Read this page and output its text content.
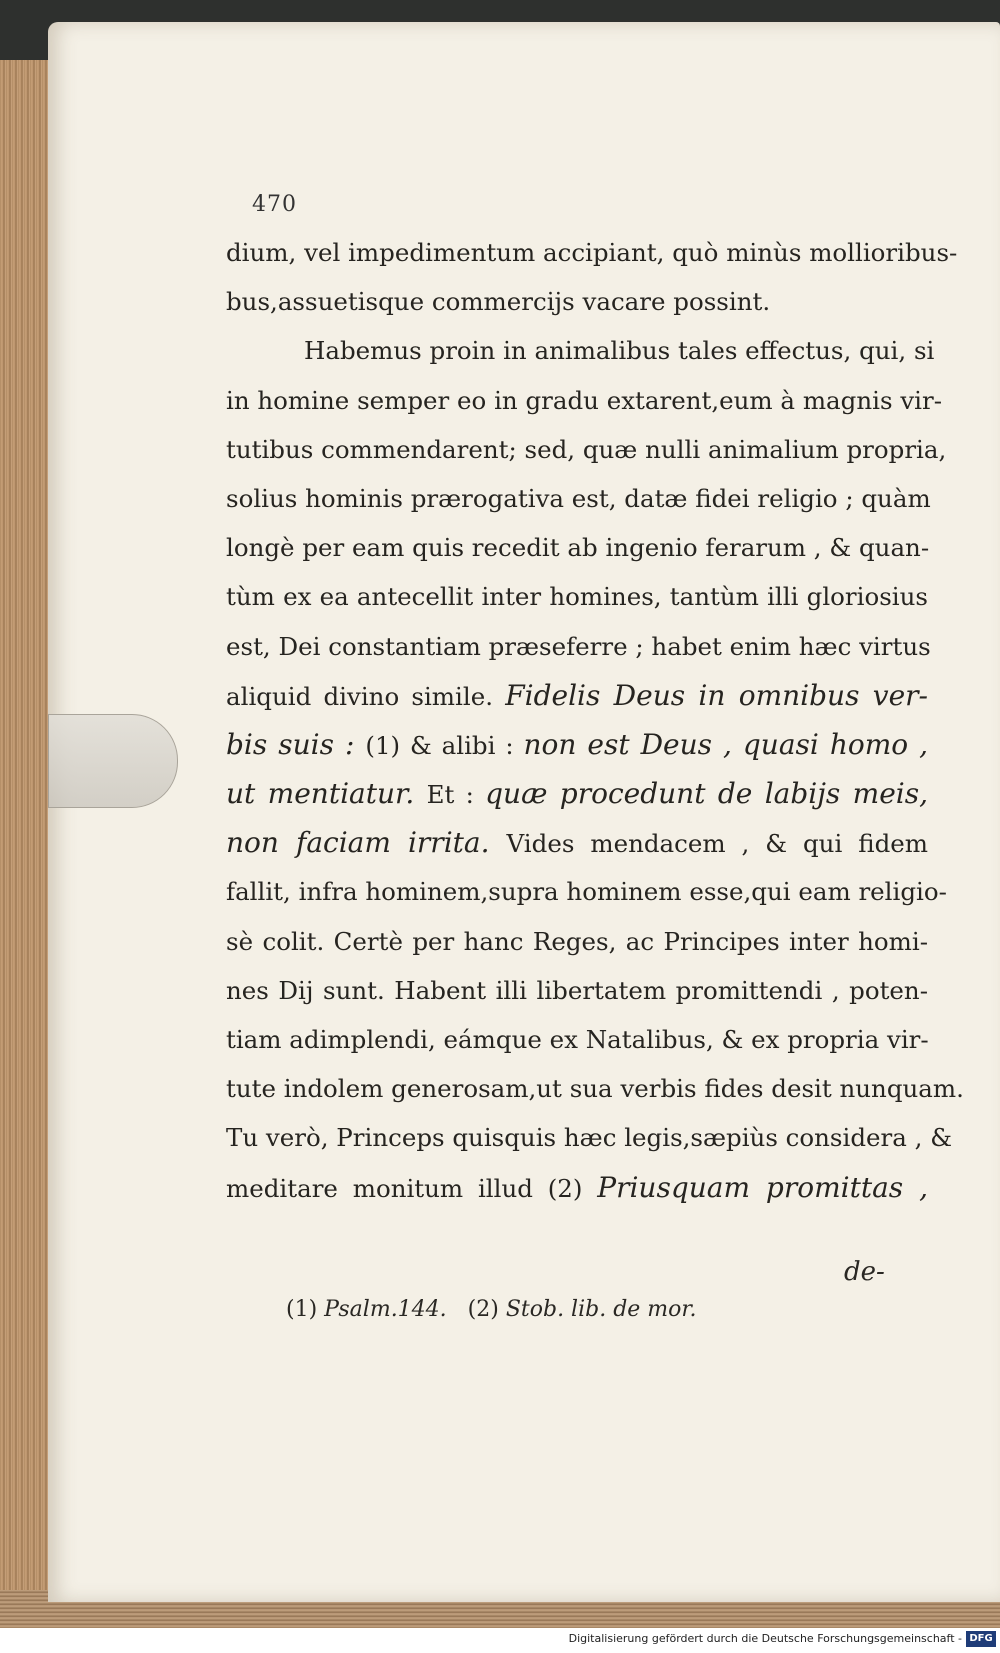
470
dium, vel impedimentum accipiant, quò minùs mollioribus-
bus,assuetisque commercijs vacare possint.
Habemus proin in animalibus tales effectus, qui, si
in homine semper eo in gradu extarent,eum à magnis vir-
tutibus commendarent; sed, quæ nulli animalium propria,
solius hominis prærogativa est, datæ fidei religio ; quàm
longè per eam quis recedit ab ingenio ferarum , & quan-
tùm ex ea antecellit inter homines, tantùm illi gloriosius
est, Dei constantiam præseferre ; habet enim hæc virtus
aliquid divino simile. Fidelis Deus in omnibus ver-
bis suis : (1) & alibi : non est Deus , quasi homo ,
ut mentiatur. Et : quæ procedunt de labijs meis,
non faciam irrita. Vides mendacem , & qui fidem
fallit, infra hominem,supra hominem esse,qui eam religio-
sè colit. Certè per hanc Reges, ac Principes inter homi-
nes Dij sunt. Habent illi libertatem promittendi , poten-
tiam adimplendi, eámque ex Natalibus, & ex propria vir-
tute indolem generosam,ut sua verbis fides desit nunquam.
Tu verò, Princeps quisquis hæc legis,sæpiùs considera , &
meditare monitum illud (2) Priusquam promittas ,
de-
(1) Psalm.144. (2) Stob. lib. de mor.
Digitalisierung gefördert durch die Deutsche Forschungsgemeinschaft - DFG
